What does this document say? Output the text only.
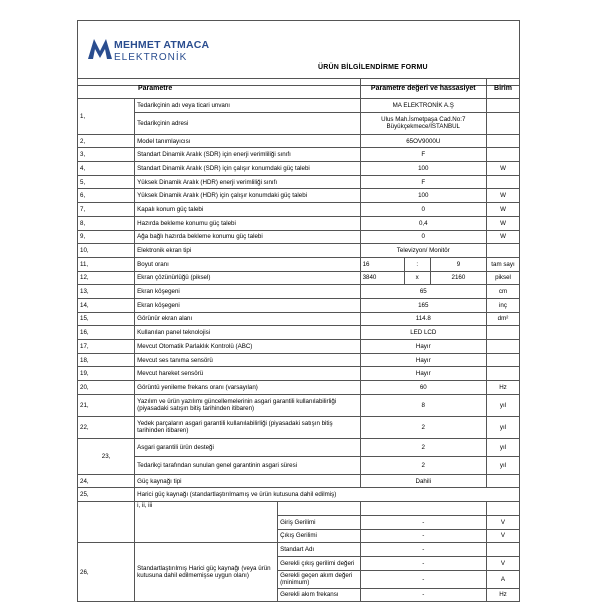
MEHMET ATMACA
ELEKTRONİK
ÜRÜN BİLGİLENDİRME FORMU
Parametre			Parametre değeri ve hassasiyet			Birim
1,	Tedarikçinin adı veya ticari unvanı		MA ELEKTRONİK A.Ş			
	Tedarikçinin adresi		Ulus Mah.İsmetpaşa Cad.No:7
Büyükçekmece/İSTANBUL			
2,	Model tanımlayıcısı		65OV9000U			
3,	Standart Dinamik Aralık (SDR) için enerji verimliliği sınıfı		F			
4,	Standart Dinamik Aralık (SDR) için çalışır konumdaki güç talebi		100			W
5,	Yüksek Dinamik Aralık (HDR) enerji verimliliği sınıfı		F			
6,	Yüksek Dinamik Aralık (HDR) için çalışır konumdaki güç talebi		100			W
7,	Kapalı konum güç talebi		0			W
8,	Hazırda bekleme konumu güç talebi		0,4			W
9,	Ağa bağlı hazırda bekleme konumu güç talebi		0			W
10,	Elektronik ekran tipi		Televizyon/ Monitör			
11,	Boyut oranı		16	:	9	tam sayı
12,	Ekran çözünürlüğü (piksel)		3840	x	2160	piksel
13,	Ekran köşegeni		65			cm
14,	Ekran köşegeni		165			inç
15,	Görünür ekran alanı		114.8			dm²
16,	Kullanılan panel teknolojisi		LED LCD			
17,	Mevcut Otomatik Parlaklık Kontrolü (ABC)		Hayır			
18,	Mevcut ses tanıma sensörü		Hayır			
19,	Mevcut hareket sensörü		Hayır			
20,	Görüntü yenileme frekans oranı (varsayılan)		60			Hz
21,	Yazılım ve ürün yazılımı güncellemelerinin asgari garantili kullanılabilirliği (piyasadaki satışın bitiş tarihinden itibaren)		8			yıl
22,	Yedek parçaların asgari garantili kullanılabilirliği (piyasadaki satışın bitiş tarihinden itibaren)		2			yıl
23,	Asgari garantili ürün desteği		2			yıl
	Tedarikçi tarafından sunulan genel garantinin asgari süresi		2			yıl
24,	Güç kaynağı tipi		Dahili			
25,	Harici güç kaynağı (standartlaştırılmamış ve ürün kutusuna dahil edilmiş)					
	i, ii, iii					
		Giriş Gerilimi	-			V
		Çıkış Gerilimi	-			V
26,	Standartlaştırılmış Harici güç kaynağı (veya ürün kutusuna dahil edilmemişse uygun olanı)	Standart Adı	-			
		Gerekli çıkış gerilimi değeri	-			V
		Gerekli geçen akım değeri (minimum)	-			A
		Gerekli akım frekansı	-			Hz
